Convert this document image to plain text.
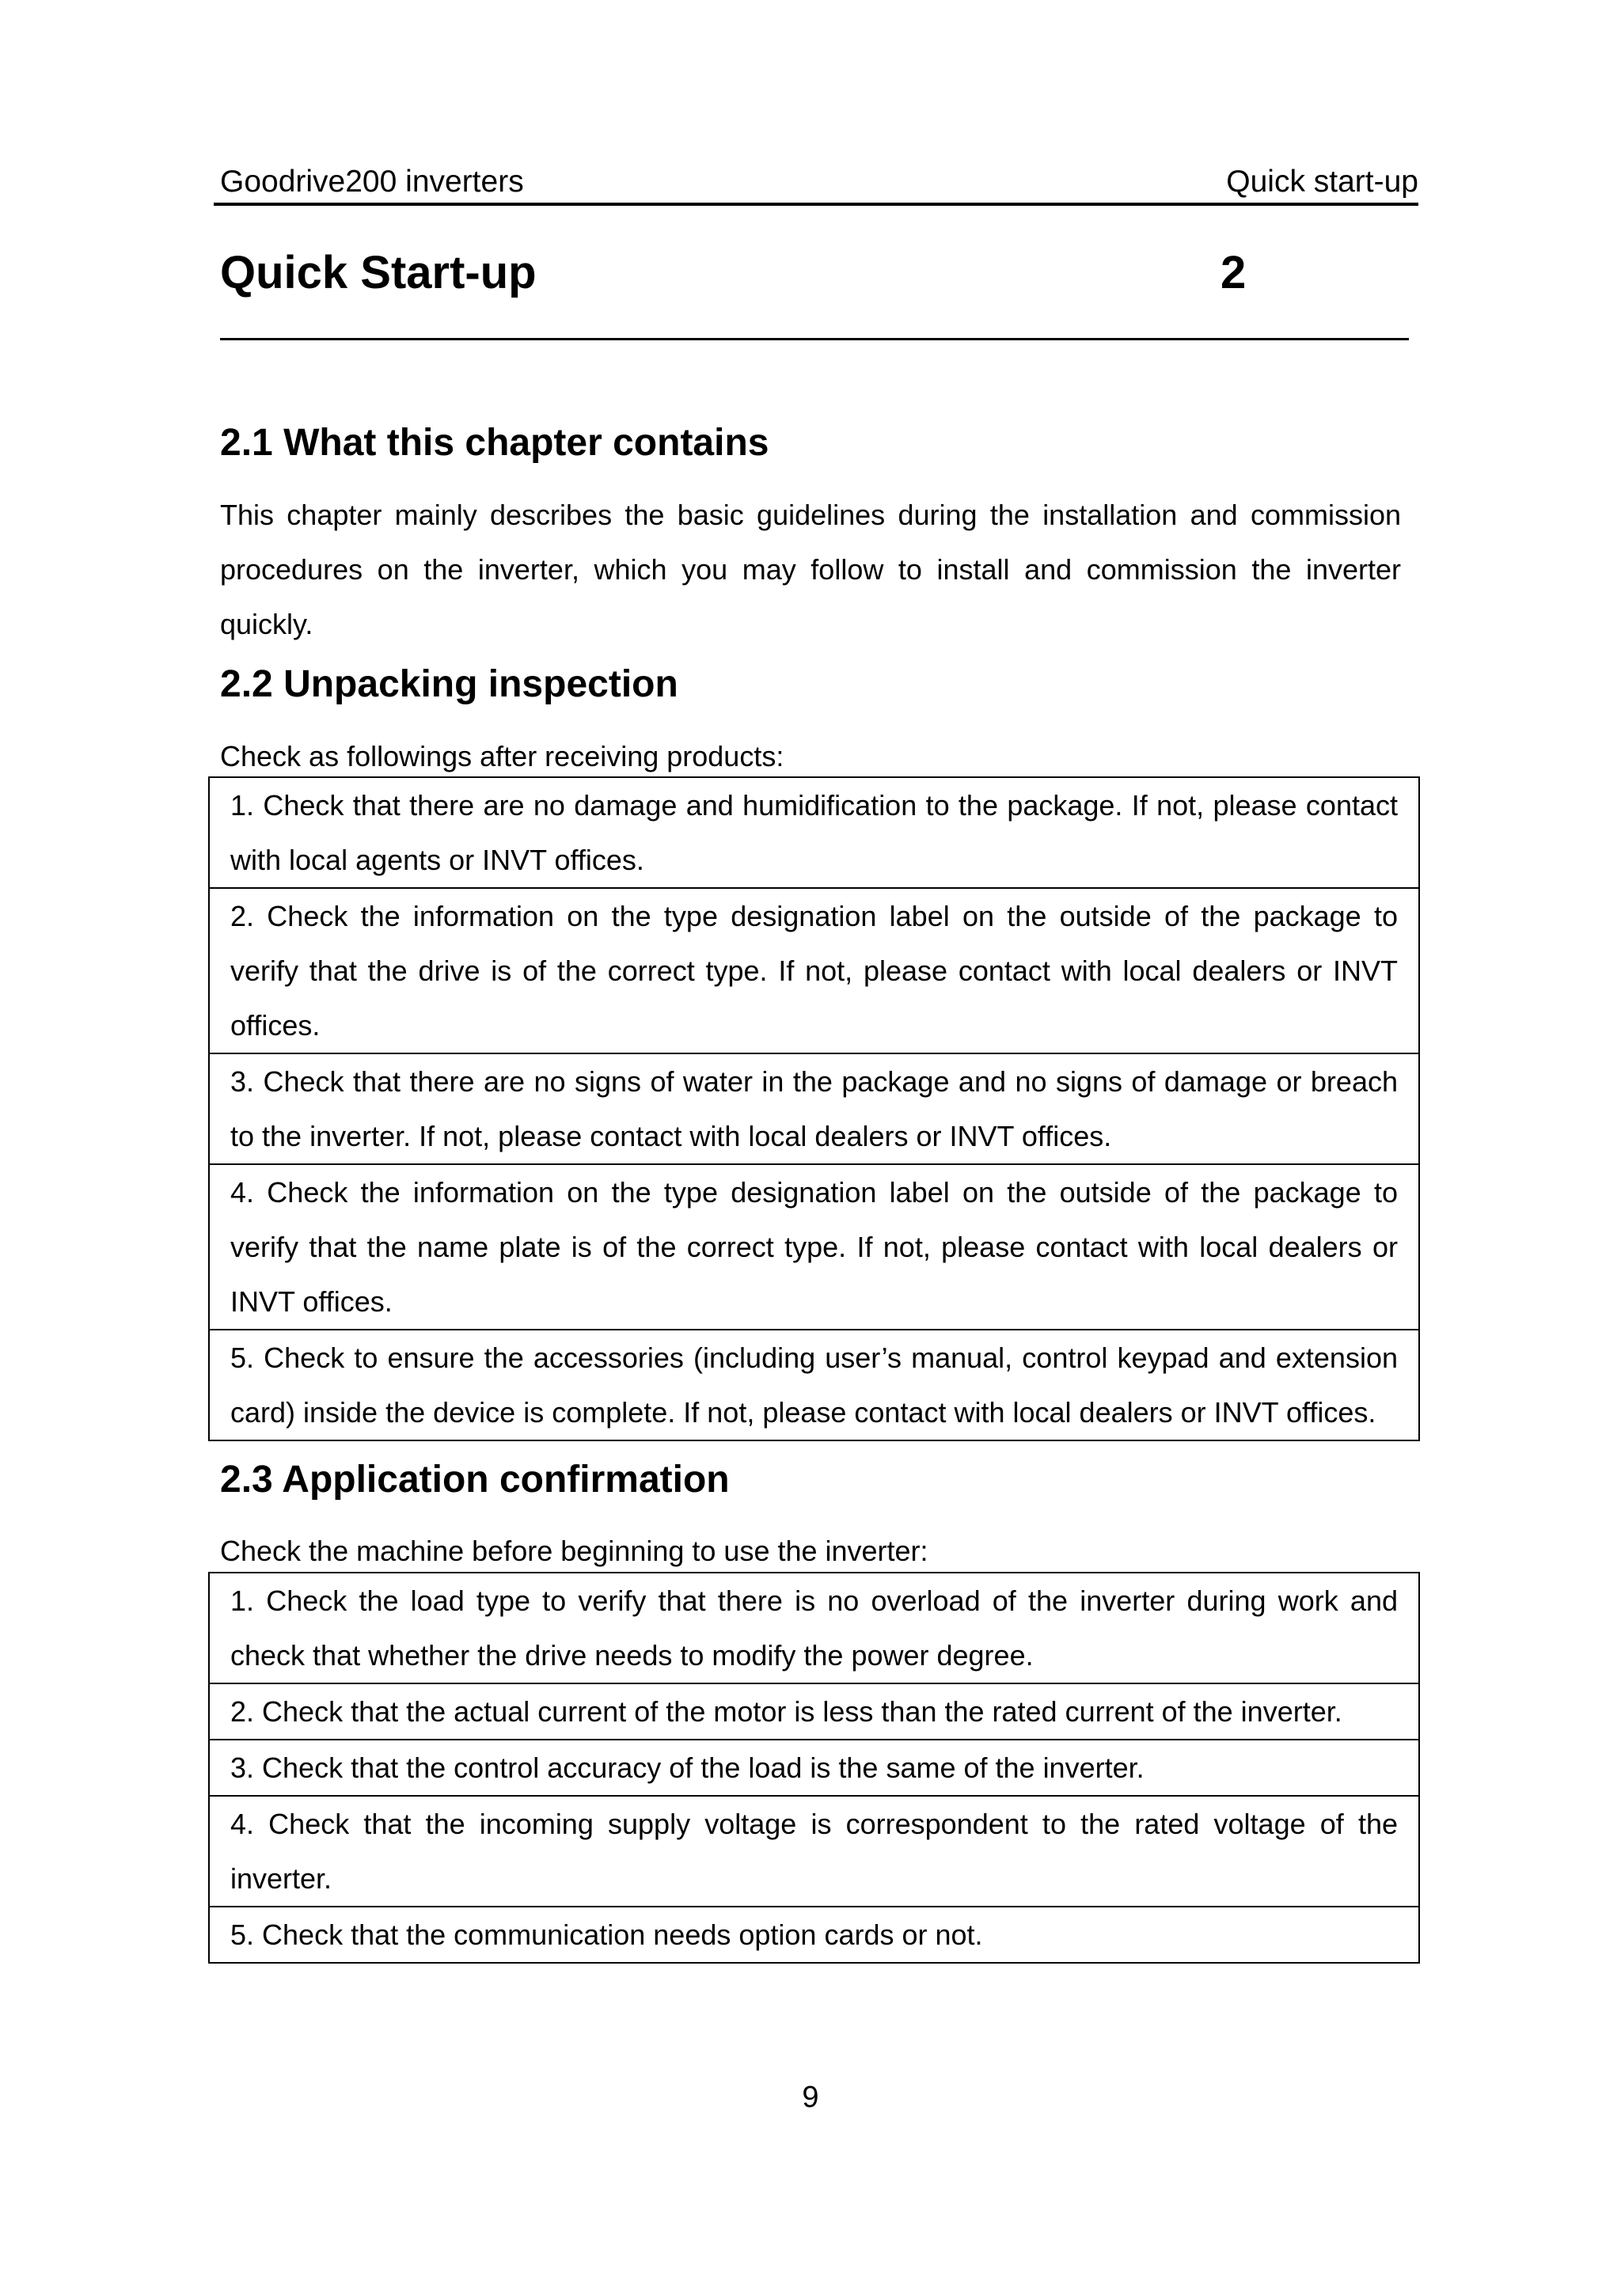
Goodrive200 inverters	Quick start-up
Quick Start-up	2
2.1 What this chapter contains

This chapter mainly describes the basic guidelines during the installation and commission procedures on the inverter, which you may follow to install and commission the inverter quickly.

2.2 Unpacking inspection
Check as followings after receiving products:
1. Check that there are no damage and humidification to the package. If not, please contact with local agents or INVT offices.
2. Check the information on the type designation label on the outside of the package to verify that the drive is of the correct type. If not, please contact with local dealers or INVT offices.
3. Check that there are no signs of water in the package and no signs of damage or breach to the inverter. If not, please contact with local dealers or INVT offices.
4. Check the information on the type designation label on the outside of the package to verify that the name plate is of the correct type. If not, please contact with local dealers or INVT offices.
5. Check to ensure the accessories (including user’s manual, control keypad and extension card) inside the device is complete. If not, please contact with local dealers or INVT offices.
2.3 Application confirmation
Check the machine before beginning to use the inverter:
1. Check the load type to verify that there is no overload of the inverter during work and check that whether the drive needs to modify the power degree.
2. Check that the actual current of the motor is less than the rated current of the inverter.
3. Check that the control accuracy of the load is the same of the inverter.
4. Check that the incoming supply voltage is correspondent to the rated voltage of the inverter.
5. Check that the communication needs option cards or not.
9
